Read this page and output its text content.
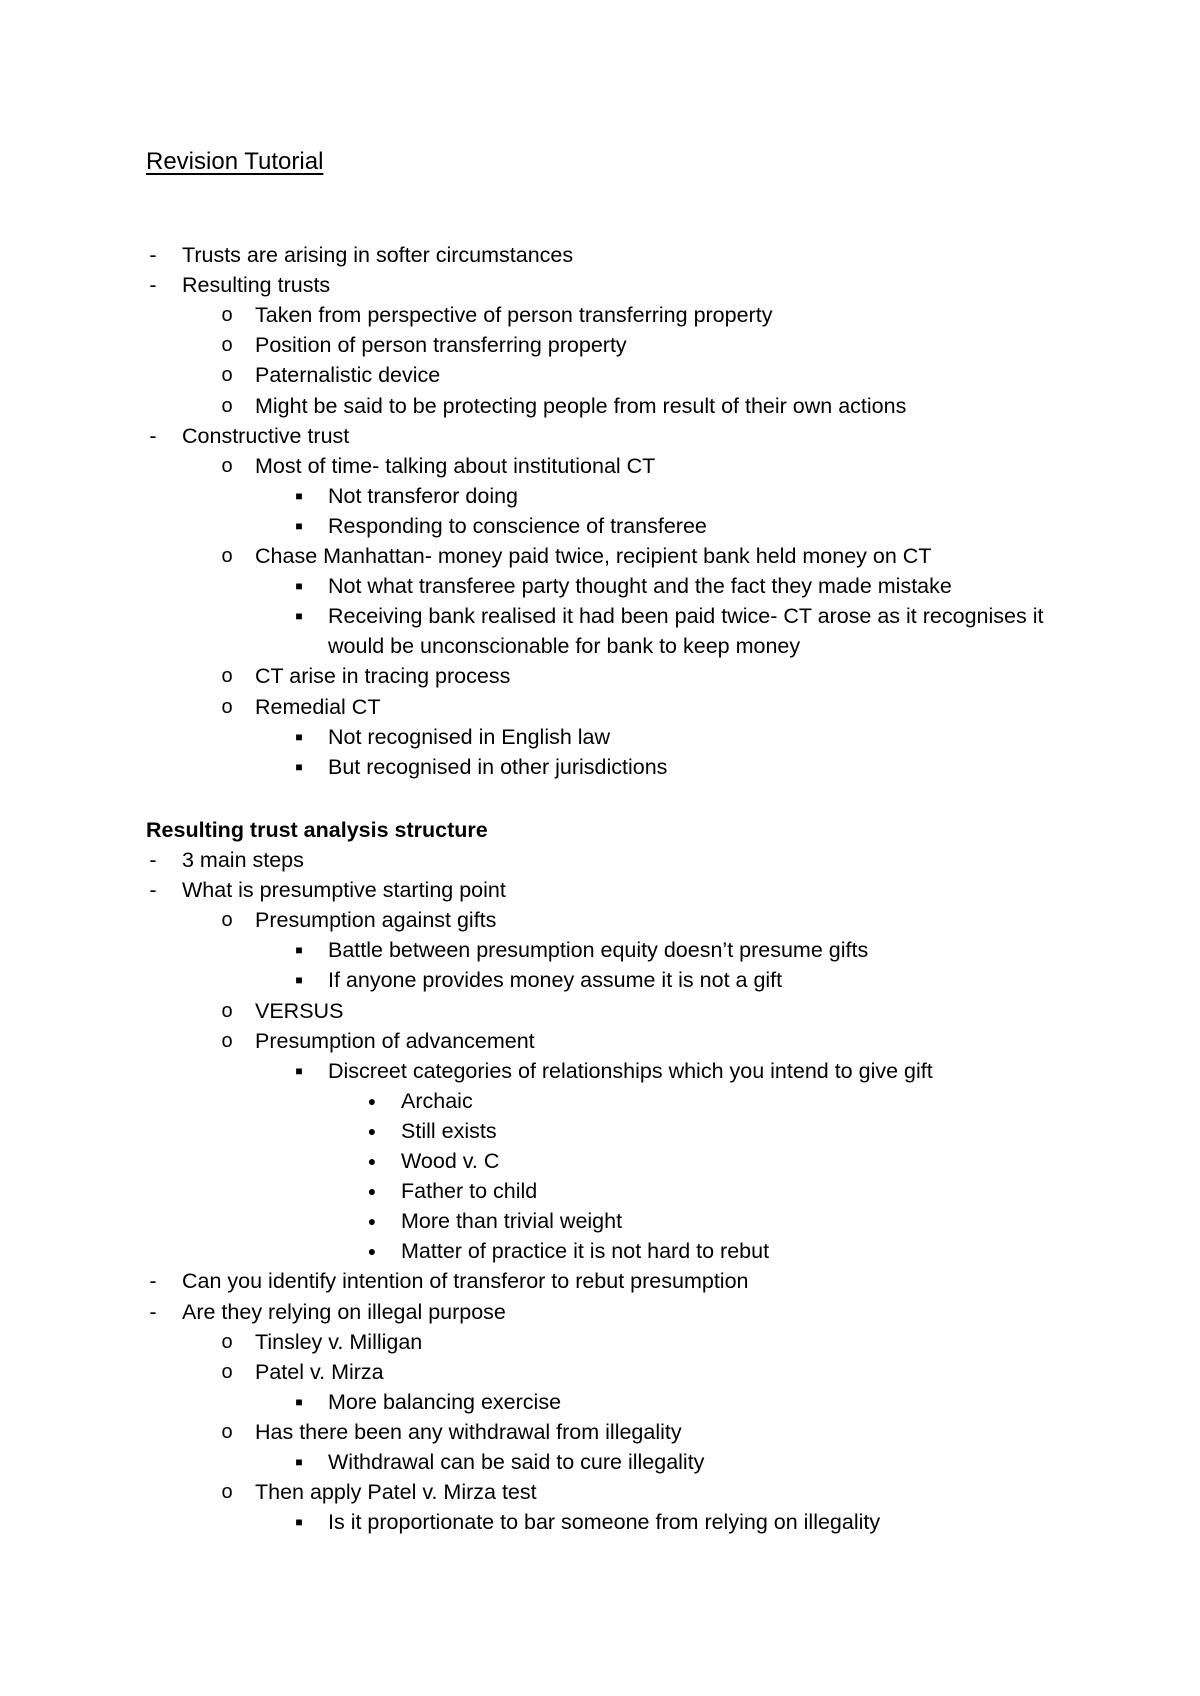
Revision Tutorial
- Trusts are arising in softer circumstances
- Resulting trusts
o Taken from perspective of person transferring property
o Position of person transferring property
o Paternalistic device
o Might be said to be protecting people from result of their own actions
- Constructive trust
o Most of time- talking about institutional CT
■ Not transferor doing
■ Responding to conscience of transferee
o Chase Manhattan- money paid twice, recipient bank held money on CT
■ Not what transferee party thought and the fact they made mistake
■ Receiving bank realised it had been paid twice- CT arose as it recognises it
would be unconscionable for bank to keep money
o CT arise in tracing process
o Remedial CT
■ Not recognised in English law
■ But recognised in other jurisdictions
Resulting trust analysis structure
- 3 main steps
- What is presumptive starting point
o Presumption against gifts
■ Battle between presumption equity doesn’t presume gifts
■ If anyone provides money assume it is not a gift
o VERSUS
o Presumption of advancement
■ Discreet categories of relationships which you intend to give gift
● Archaic
● Still exists
● Wood v. C
● Father to child
● More than trivial weight
● Matter of practice it is not hard to rebut
- Can you identify intention of transferor to rebut presumption
- Are they relying on illegal purpose
o Tinsley v. Milligan
o Patel v. Mirza
■ More balancing exercise
o Has there been any withdrawal from illegality
■ Withdrawal can be said to cure illegality
o Then apply Patel v. Mirza test
■ Is it proportionate to bar someone from relying on illegality
